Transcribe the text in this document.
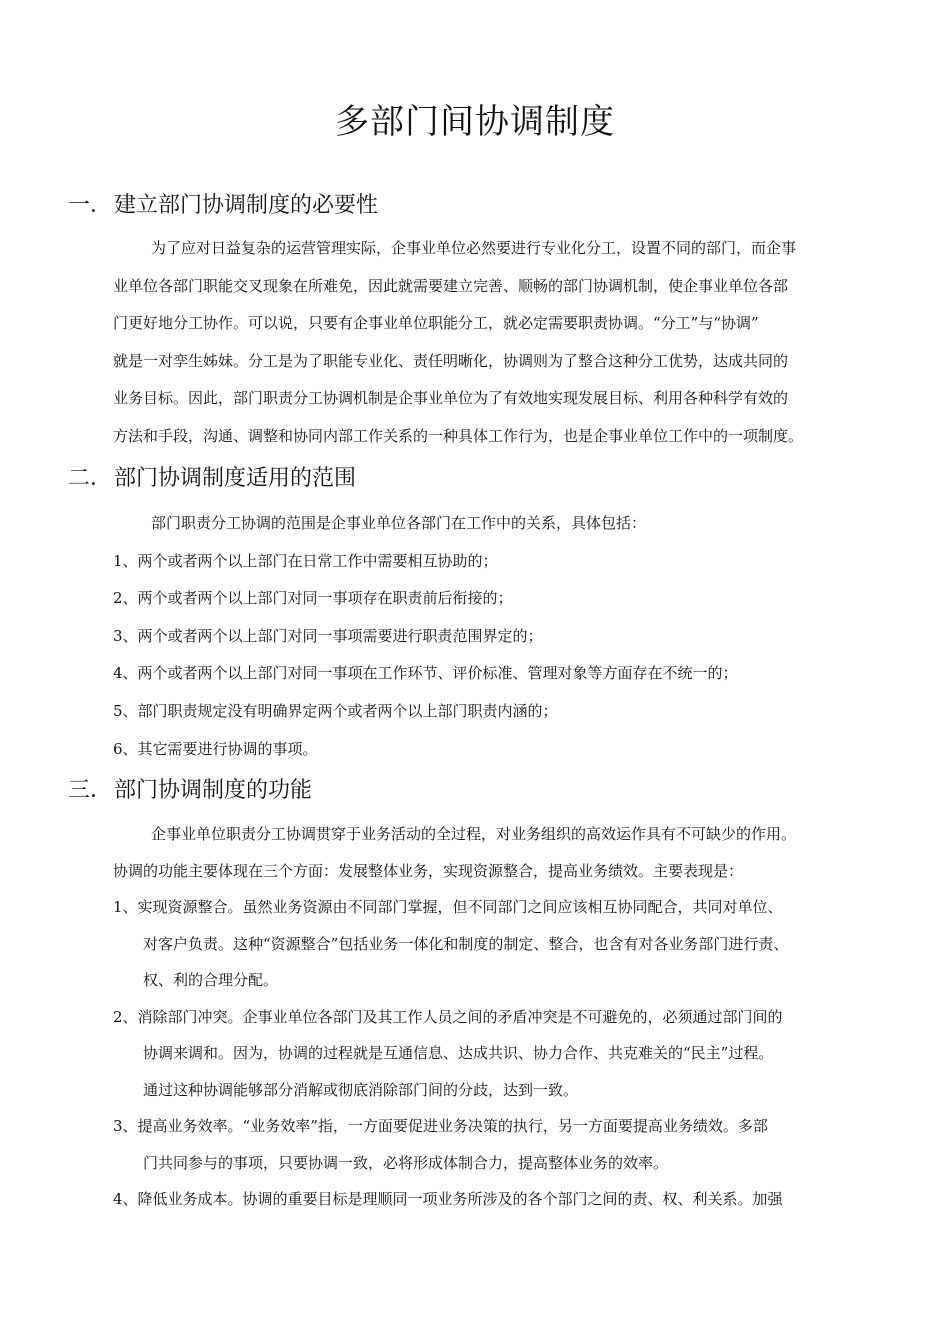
多部门间协调制度
一．建立部门协调制度的必要性
为了应对日益复杂的运营管理实际，企事业单位必然要进行专业化分工，设置不同的部门，而企事
业单位各部门职能交叉现象在所难免，因此就需要建立完善、顺畅的部门协调机制，使企事业单位各部
门更好地分工协作。可以说，只要有企事业单位职能分工，就必定需要职责协调。“分工”与“协调”
就是一对孪生姊妹。分工是为了职能专业化、责任明晰化，协调则为了整合这种分工优势，达成共同的
业务目标。因此，部门职责分工协调机制是企事业单位为了有效地实现发展目标、利用各种科学有效的
方法和手段，沟通、调整和协同内部工作关系的一种具体工作行为，也是企事业单位工作中的一项制度。
二．部门协调制度适用的范围
部门职责分工协调的范围是企事业单位各部门在工作中的关系，具体包括：
1、两个或者两个以上部门在日常工作中需要相互协助的；
2、两个或者两个以上部门对同一事项存在职责前后衔接的；
3、两个或者两个以上部门对同一事项需要进行职责范围界定的；
4、两个或者两个以上部门对同一事项在工作环节、评价标准、管理对象等方面存在不统一的；
5、部门职责规定没有明确界定两个或者两个以上部门职责内涵的；
6、其它需要进行协调的事项。
三．部门协调制度的功能
企事业单位职责分工协调贯穿于业务活动的全过程，对业务组织的高效运作具有不可缺少的作用。
协调的功能主要体现在三个方面：发展整体业务，实现资源整合，提高业务绩效。主要表现是：
1、实现资源整合。虽然业务资源由不同部门掌握，但不同部门之间应该相互协同配合，共同对单位、
对客户负责。这种“资源整合”包括业务一体化和制度的制定、整合，也含有对各业务部门进行责、
权、利的合理分配。
2、消除部门冲突。企事业单位各部门及其工作人员之间的矛盾冲突是不可避免的，必须通过部门间的
协调来调和。因为，协调的过程就是互通信息、达成共识、协力合作、共克难关的“民主”过程。
通过这种协调能够部分消解或彻底消除部门间的分歧，达到一致。
3、提高业务效率。“业务效率”指，一方面要促进业务决策的执行，另一方面要提高业务绩效。多部
门共同参与的事项，只要协调一致，必将形成体制合力，提高整体业务的效率。
4、降低业务成本。协调的重要目标是理顺同一项业务所涉及的各个部门之间的责、权、利关系。加强
